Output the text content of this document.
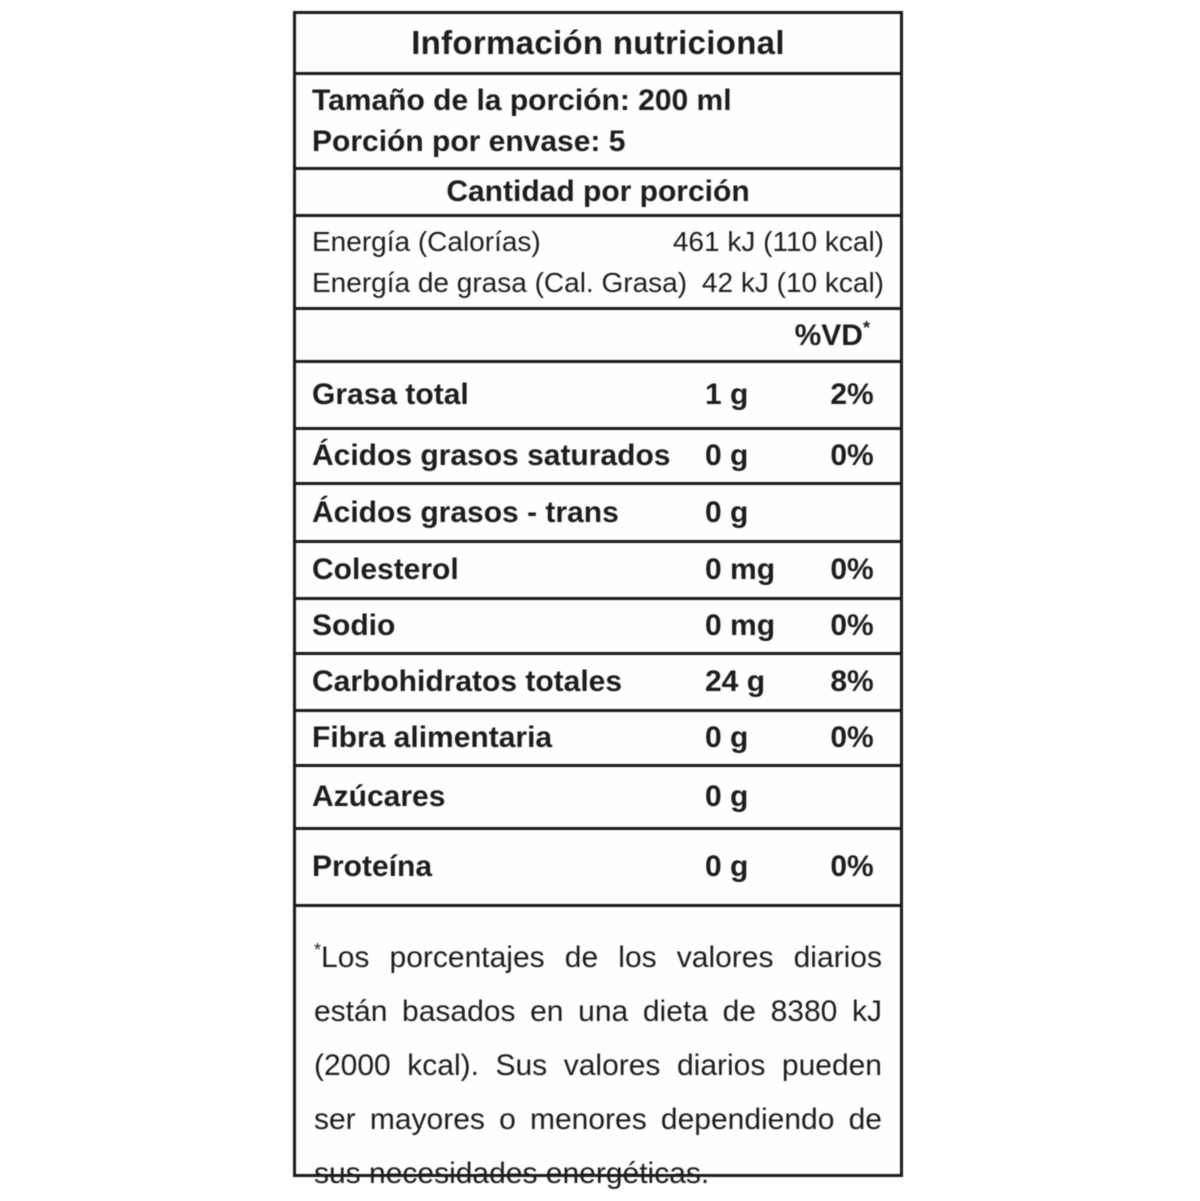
Información nutricional
Tamaño de la porción: 200 ml
Porción por envase: 5
Cantidad por porción
Energía (Calorías)	461 kJ (110 kcal)
Energía de grasa (Cal. Grasa) 42 kJ (10 kcal)
%VD*
Grasa total	1 g	2%
Ácidos grasos saturados	0 g	0%
Ácidos grasos - trans	0 g
Colesterol	0 mg	0%
Sodio	0 mg	0%
Carbohidratos totales	24 g	8%
Fibra alimentaria	0 g	0%
Azúcares	0 g
Proteína	0 g	0%
*Los porcentajes de los valores diarios están basados en una dieta de 8380 kJ (2000 kcal). Sus valores diarios pueden ser mayores o menores dependiendo de sus necesidades energéticas.
